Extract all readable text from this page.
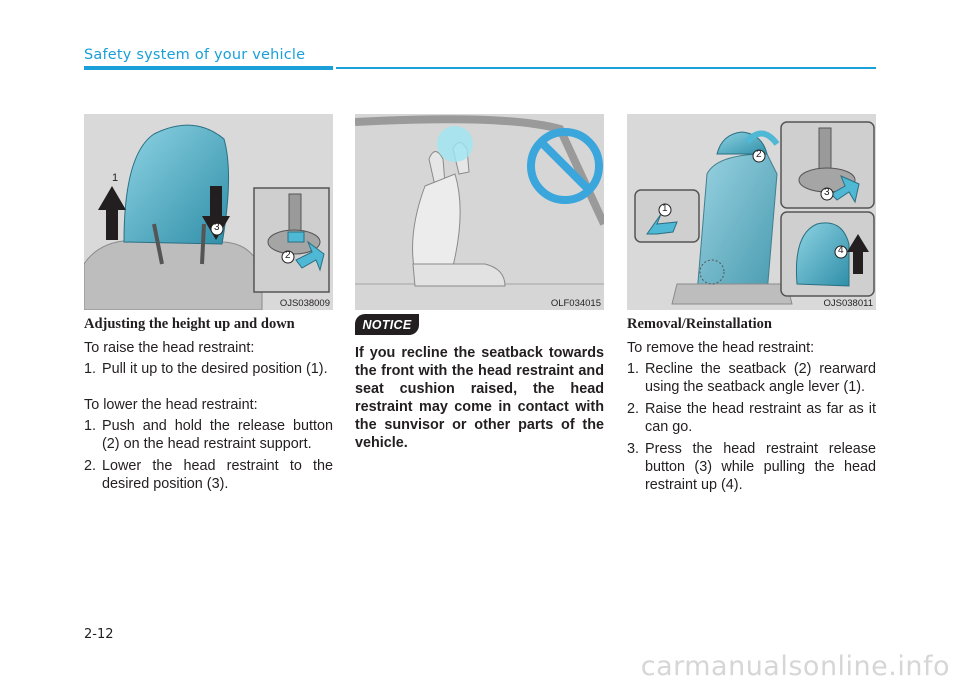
Safety system of your vehicle
1
3
2
OJS038009	OLF034015
1
2
3
4
OJS038011
Adjusting the height up and down

To raise the head restraint:

1. Pull it up to the desired position (1).

To lower the head restraint:

1. Push and hold the release button (2) on the head restraint support.
2. Lower the head restraint to the desired position (3).
NOTICE
If you recline the seatback towards the front with the head restraint and seat cushion raised, the head restraint may come in contact with the sunvisor or other parts of the vehicle.
Removal/Reinstallation

To remove the head restraint:

1. Recline the seatback (2) rearward using the seatback angle lever (1).
2. Raise the head restraint as far as it can go.
3. Press the head restraint release button (3) while pulling the head restraint up (4).
2-12
carmanualsonline.info
